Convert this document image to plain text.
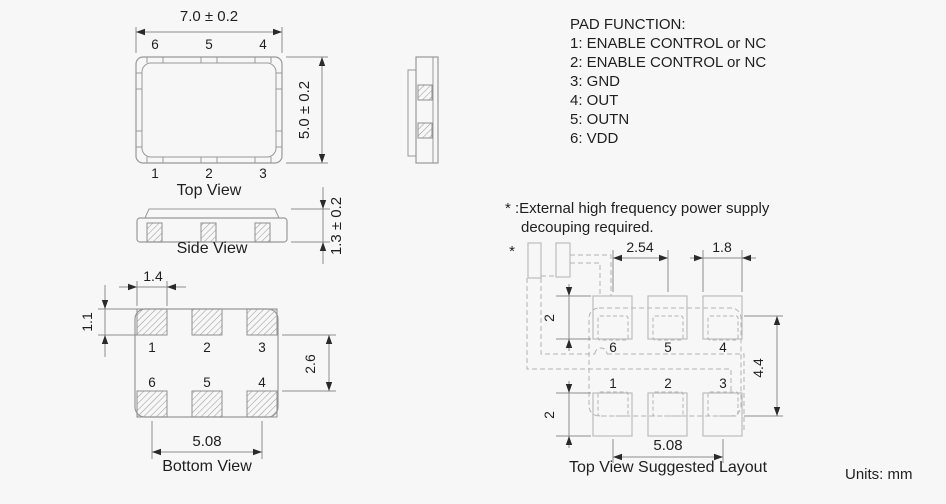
7.0 ± 0.2
5.0 ± 0.2
6	5	4
1	2	3
Top View
1.3 ± 0.2
Side View
1	2	3
6	5	4
1.4
1.1
2.6
5.08
Bottom View
PAD FUNCTION:
1: ENABLE CONTROL or NC
2: ENABLE CONTROL or NC
3: GND
4: OUT
5: OUTN
6: VDD
* :External high frequency power supply
decouping required.
*
6	5	4
1	2	3
2.54	1.8
2
2
4.4
5.08
Top View Suggested Layout	Units: mm
